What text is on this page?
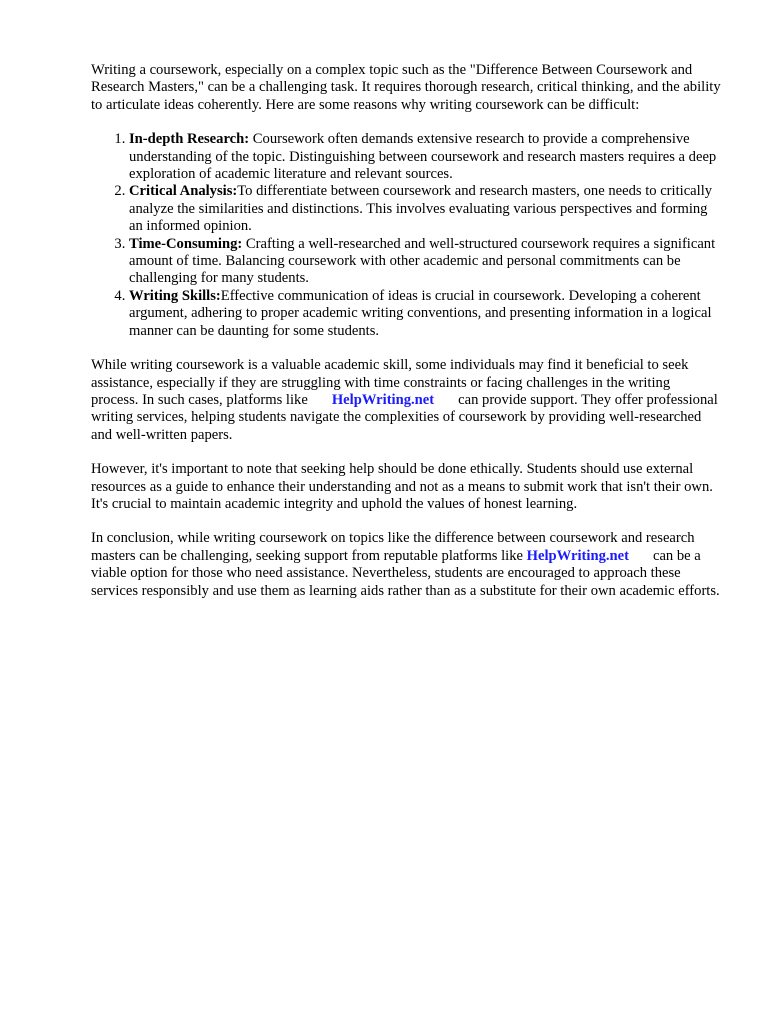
Writing a coursework, especially on a complex topic such as the "Difference Between Coursework and Research Masters," can be a challenging task. It requires thorough research, critical thinking, and the ability to articulate ideas coherently. Here are some reasons why writing coursework can be difficult:

1. In-depth Research: Coursework often demands extensive research to provide a comprehensive understanding of the topic. Distinguishing between coursework and research masters requires a deep exploration of academic literature and relevant sources.
2. Critical Analysis:To differentiate between coursework and research masters, one needs to critically analyze the similarities and distinctions. This involves evaluating various perspectives and forming an informed opinion.
3. Time-Consuming: Crafting a well-researched and well-structured coursework requires a significant amount of time. Balancing coursework with other academic and personal commitments can be challenging for many students.
4. Writing Skills:Effective communication of ideas is crucial in coursework. Developing a coherent argument, adhering to proper academic writing conventions, and presenting information in a logical manner can be daunting for some students.

While writing coursework is a valuable academic skill, some individuals may find it beneficial to seek assistance, especially if they are struggling with time constraints or facing challenges in the writing process. In such cases, platforms like HelpWriting.net can provide support. They offer professional writing services, helping students navigate the complexities of coursework by providing well-researched and well-written papers.

However, it's important to note that seeking help should be done ethically. Students should use external resources as a guide to enhance their understanding and not as a means to submit work that isn't their own. It's crucial to maintain academic integrity and uphold the values of honest learning.

In conclusion, while writing coursework on topics like the difference between coursework and research masters can be challenging, seeking support from reputable platforms like HelpWriting.net can be a viable option for those who need assistance. Nevertheless, students are encouraged to approach these services responsibly and use them as learning aids rather than as a substitute for their own academic efforts.
